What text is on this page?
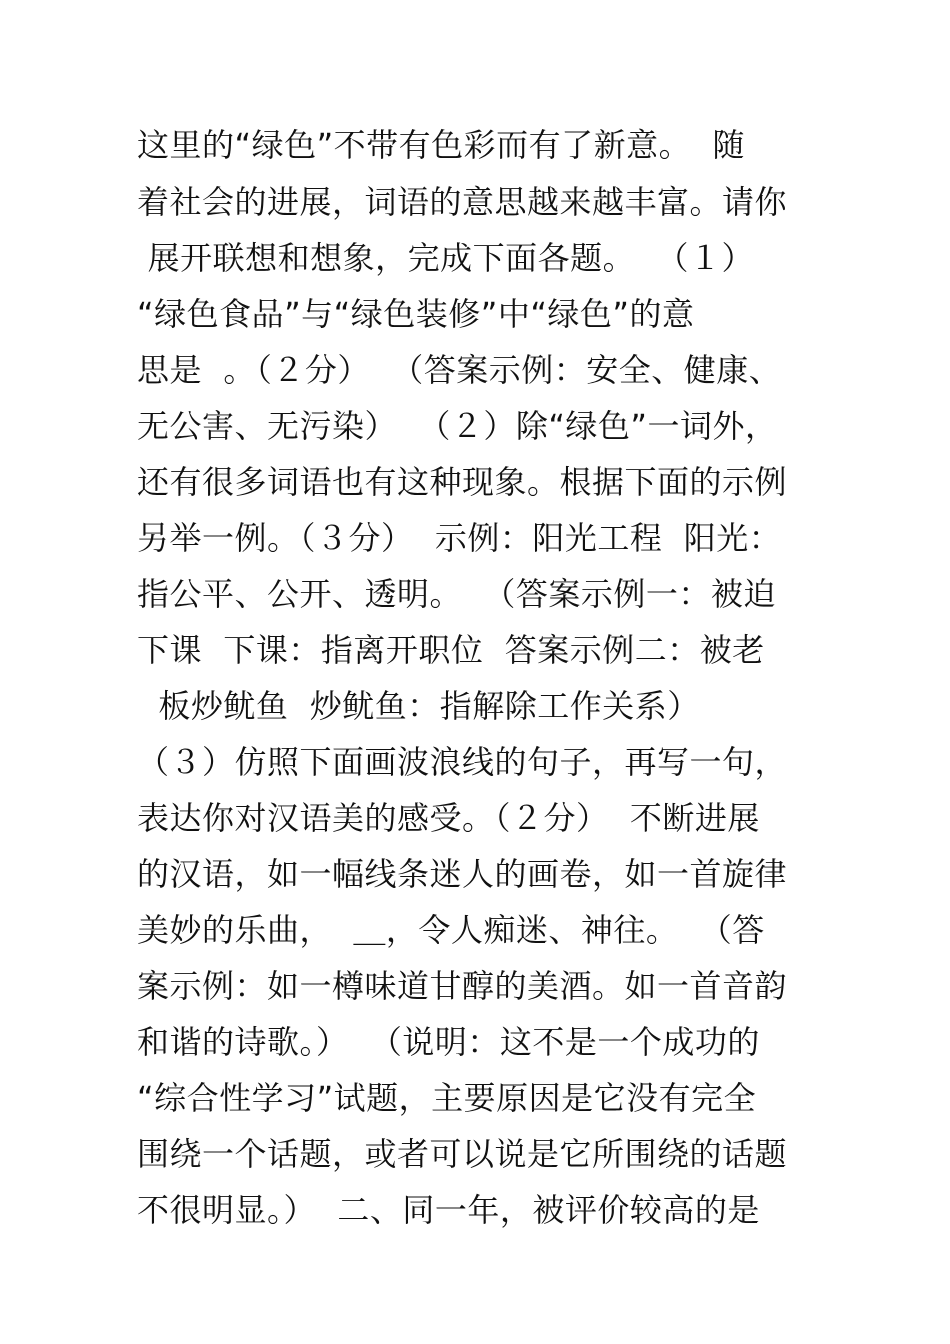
这里的“绿色”不带有色彩而有了新意。  随
着社会的进展，词语的意思越来越丰富。请你
展开联想和想象，完成下面各题。  （１）
“绿色食品”与“绿色装修”中“绿色”的意
思是  。（２分）  （答案示例：安全、健康、
无公害、无污染）  （２）除“绿色”一词外，
还有很多词语也有这种现象。根据下面的示例
另举一例。（３分）  示例：阳光工程  阳光：
指公平、公开、透明。  （答案示例一：被迫
下课  下课：指离开职位  答案示例二：被老
板炒鱿鱼  炒鱿鱼：指解除工作关系）
（３）仿照下面画波浪线的句子，再写一句，
表达你对汉语美的感受。（２分）  不断进展
的汉语，如一幅线条迷人的画卷，如一首旋律
美妙的乐曲，  ＿，令人痴迷、神往。  （答
案示例：如一樽味道甘醇的美酒。如一首音韵
和谐的诗歌。）  （说明：这不是一个成功的
“综合性学习”试题，主要原因是它没有完全
围绕一个话题，或者可以说是它所围绕的话题
不很明显。）  二、同一年，被评价较高的是
